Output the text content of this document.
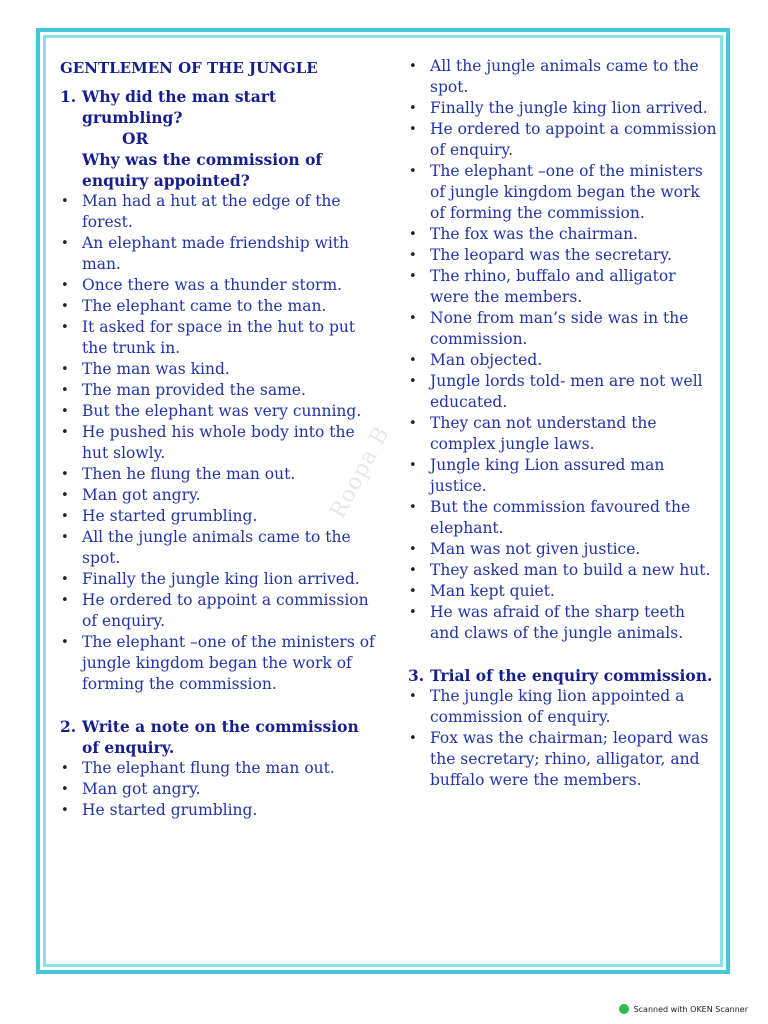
Roopa B
GENTLEMEN OF THE JUNGLE
1. Why did the man start grumbling?
OR
Why was the commission of enquiry appointed?
• Man had a hut at the edge of the forest.
• An elephant made friendship with man.
• Once there was a thunder storm.
• The elephant came to the man.
• It asked for space in the hut to put the trunk in.
• The man was kind.
• The man provided the same.
• But the elephant was very cunning.
• He pushed his whole body into the hut slowly.
• Then he flung the man out.
• Man got angry.
• He started grumbling.
• All the jungle animals came to the spot.
• Finally the jungle king lion arrived.
• He ordered to appoint a commission of enquiry.
• The elephant –one of the ministers of jungle kingdom began the work of forming the commission.
2. Write a note on the commission of enquiry.
• The elephant flung the man out.
• Man got angry.
• He started grumbling.
• All the jungle animals came to the spot.
• Finally the jungle king lion arrived.
• He ordered to appoint a commission of enquiry.
• The elephant –one of the ministers of jungle kingdom began the work of forming the commission.
• The fox was the chairman.
• The leopard was the secretary.
• The rhino, buffalo and alligator were the members.
• None from man’s side was in the commission.
• Man objected.
• Jungle lords told- men are not well educated.
• They can not understand the complex jungle laws.
• Jungle king Lion assured man justice.
• But the commission favoured the elephant.
• Man was not given justice.
• They asked man to build a new hut.
• Man kept quiet.
• He was afraid of the sharp teeth and claws of the jungle animals.
3. Trial of the enquiry commission.
• The jungle king lion appointed a commission of enquiry.
• Fox was the chairman; leopard was the secretary; rhino, alligator, and buffalo were the members.
Scanned with OKEN Scanner
